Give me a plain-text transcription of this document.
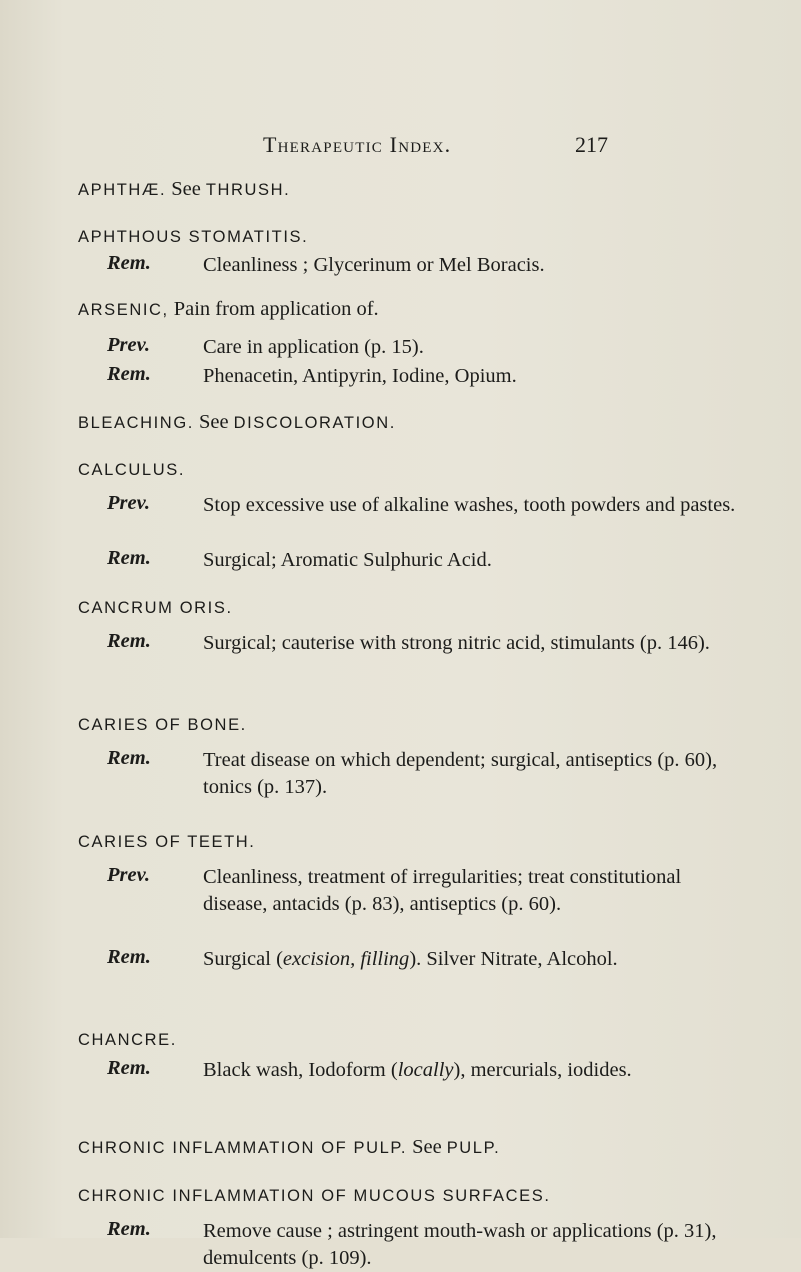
Therapeutic Index.	217
APHTHÆ. See THRUSH.
APHTHOUS STOMATITIS.
Rem.	Cleanliness ; Glycerinum or Mel Boracis.
ARSENIC, Pain from application of.
Prev.	Care in application (p. 15).
Rem.	Phenacetin, Antipyrin, Iodine, Opium.
BLEACHING. See DISCOLORATION.
CALCULUS.
Prev.	Stop excessive use of alkaline washes, tooth powders and pastes.
Rem.	Surgical; Aromatic Sulphuric Acid.
CANCRUM ORIS.
Rem.	Surgical; cauterise with strong nitric acid, stimulants (p. 146).
CARIES OF BONE.
Rem.	Treat disease on which dependent; surgical, antiseptics (p. 60), tonics (p. 137).
CARIES OF TEETH.
Prev.	Cleanliness, treatment of irregularities; treat constitutional disease, antacids (p. 83), antiseptics (p. 60).
Rem.	Surgical (excision, filling). Silver Nitrate, Alcohol.
CHANCRE.
Rem.	Black wash, Iodoform (locally), mercurials, iodides.
CHRONIC INFLAMMATION OF PULP. See PULP.
CHRONIC INFLAMMATION OF MUCOUS SURFACES.
Rem.	Remove cause ; astringent mouth-wash or applications (p. 31), demulcents (p. 109).
